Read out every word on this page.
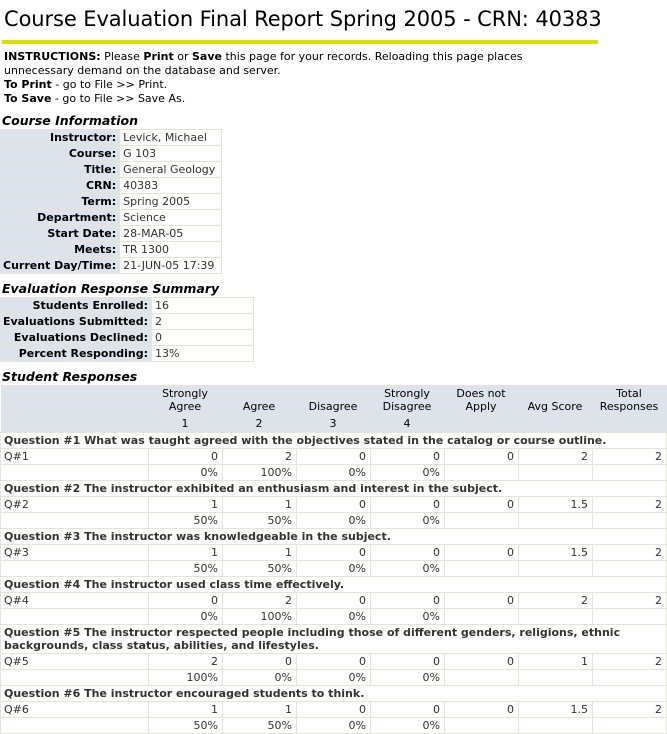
Course Evaluation Final Report Spring 2005 - CRN: 40383
INSTRUCTIONS: Please Print or Save this page for your records. Reloading this page places unnecessary demand on the database and server.
To Print - go to File >> Print.
To Save - go to File >> Save As.
Course Information
Instructor:	Levick, Michael
Course:	G 103
Title:	General Geology
CRN:	40383
Term:	Spring 2005
Department:	Science
Start Date:	28-MAR-05
Meets:	TR 1300
Current Day/Time:	21-JUN-05 17:39
Evaluation Response Summary
Students Enrolled:	16
Evaluations Submitted:	2
Evaluations Declined:	0
Percent Responding:	13%
Student Responses
	Strongly Agree	Agree	Disagree	Strongly Disagree	Does not Apply	Avg Score	Total Responses
	1	2	3	4			
Question #1 What was taught agreed with the objectives stated in the catalog or course outline.							
Q#1	0	2	0	0	0	2	2
	0%	100%	0%	0%			
Question #2 The instructor exhibited an enthusiasm and interest in the subject.							
Q#2	1	1	0	0	0	1.5	2
	50%	50%	0%	0%			
Question #3 The instructor was knowledgeable in the subject.							
Q#3	1	1	0	0	0	1.5	2
	50%	50%	0%	0%			
Question #4 The instructor used class time effectively.							
Q#4	0	2	0	0	0	2	2
	0%	100%	0%	0%			
Question #5 The instructor respected people including those of different genders, religions, ethnic backgrounds, class status, abilities, and lifestyles.							
Q#5	2	0	0	0	0	1	2
	100%	0%	0%	0%			
Question #6 The instructor encouraged students to think.							
Q#6	1	1	0	0	0	1.5	2
	50%	50%	0%	0%			
